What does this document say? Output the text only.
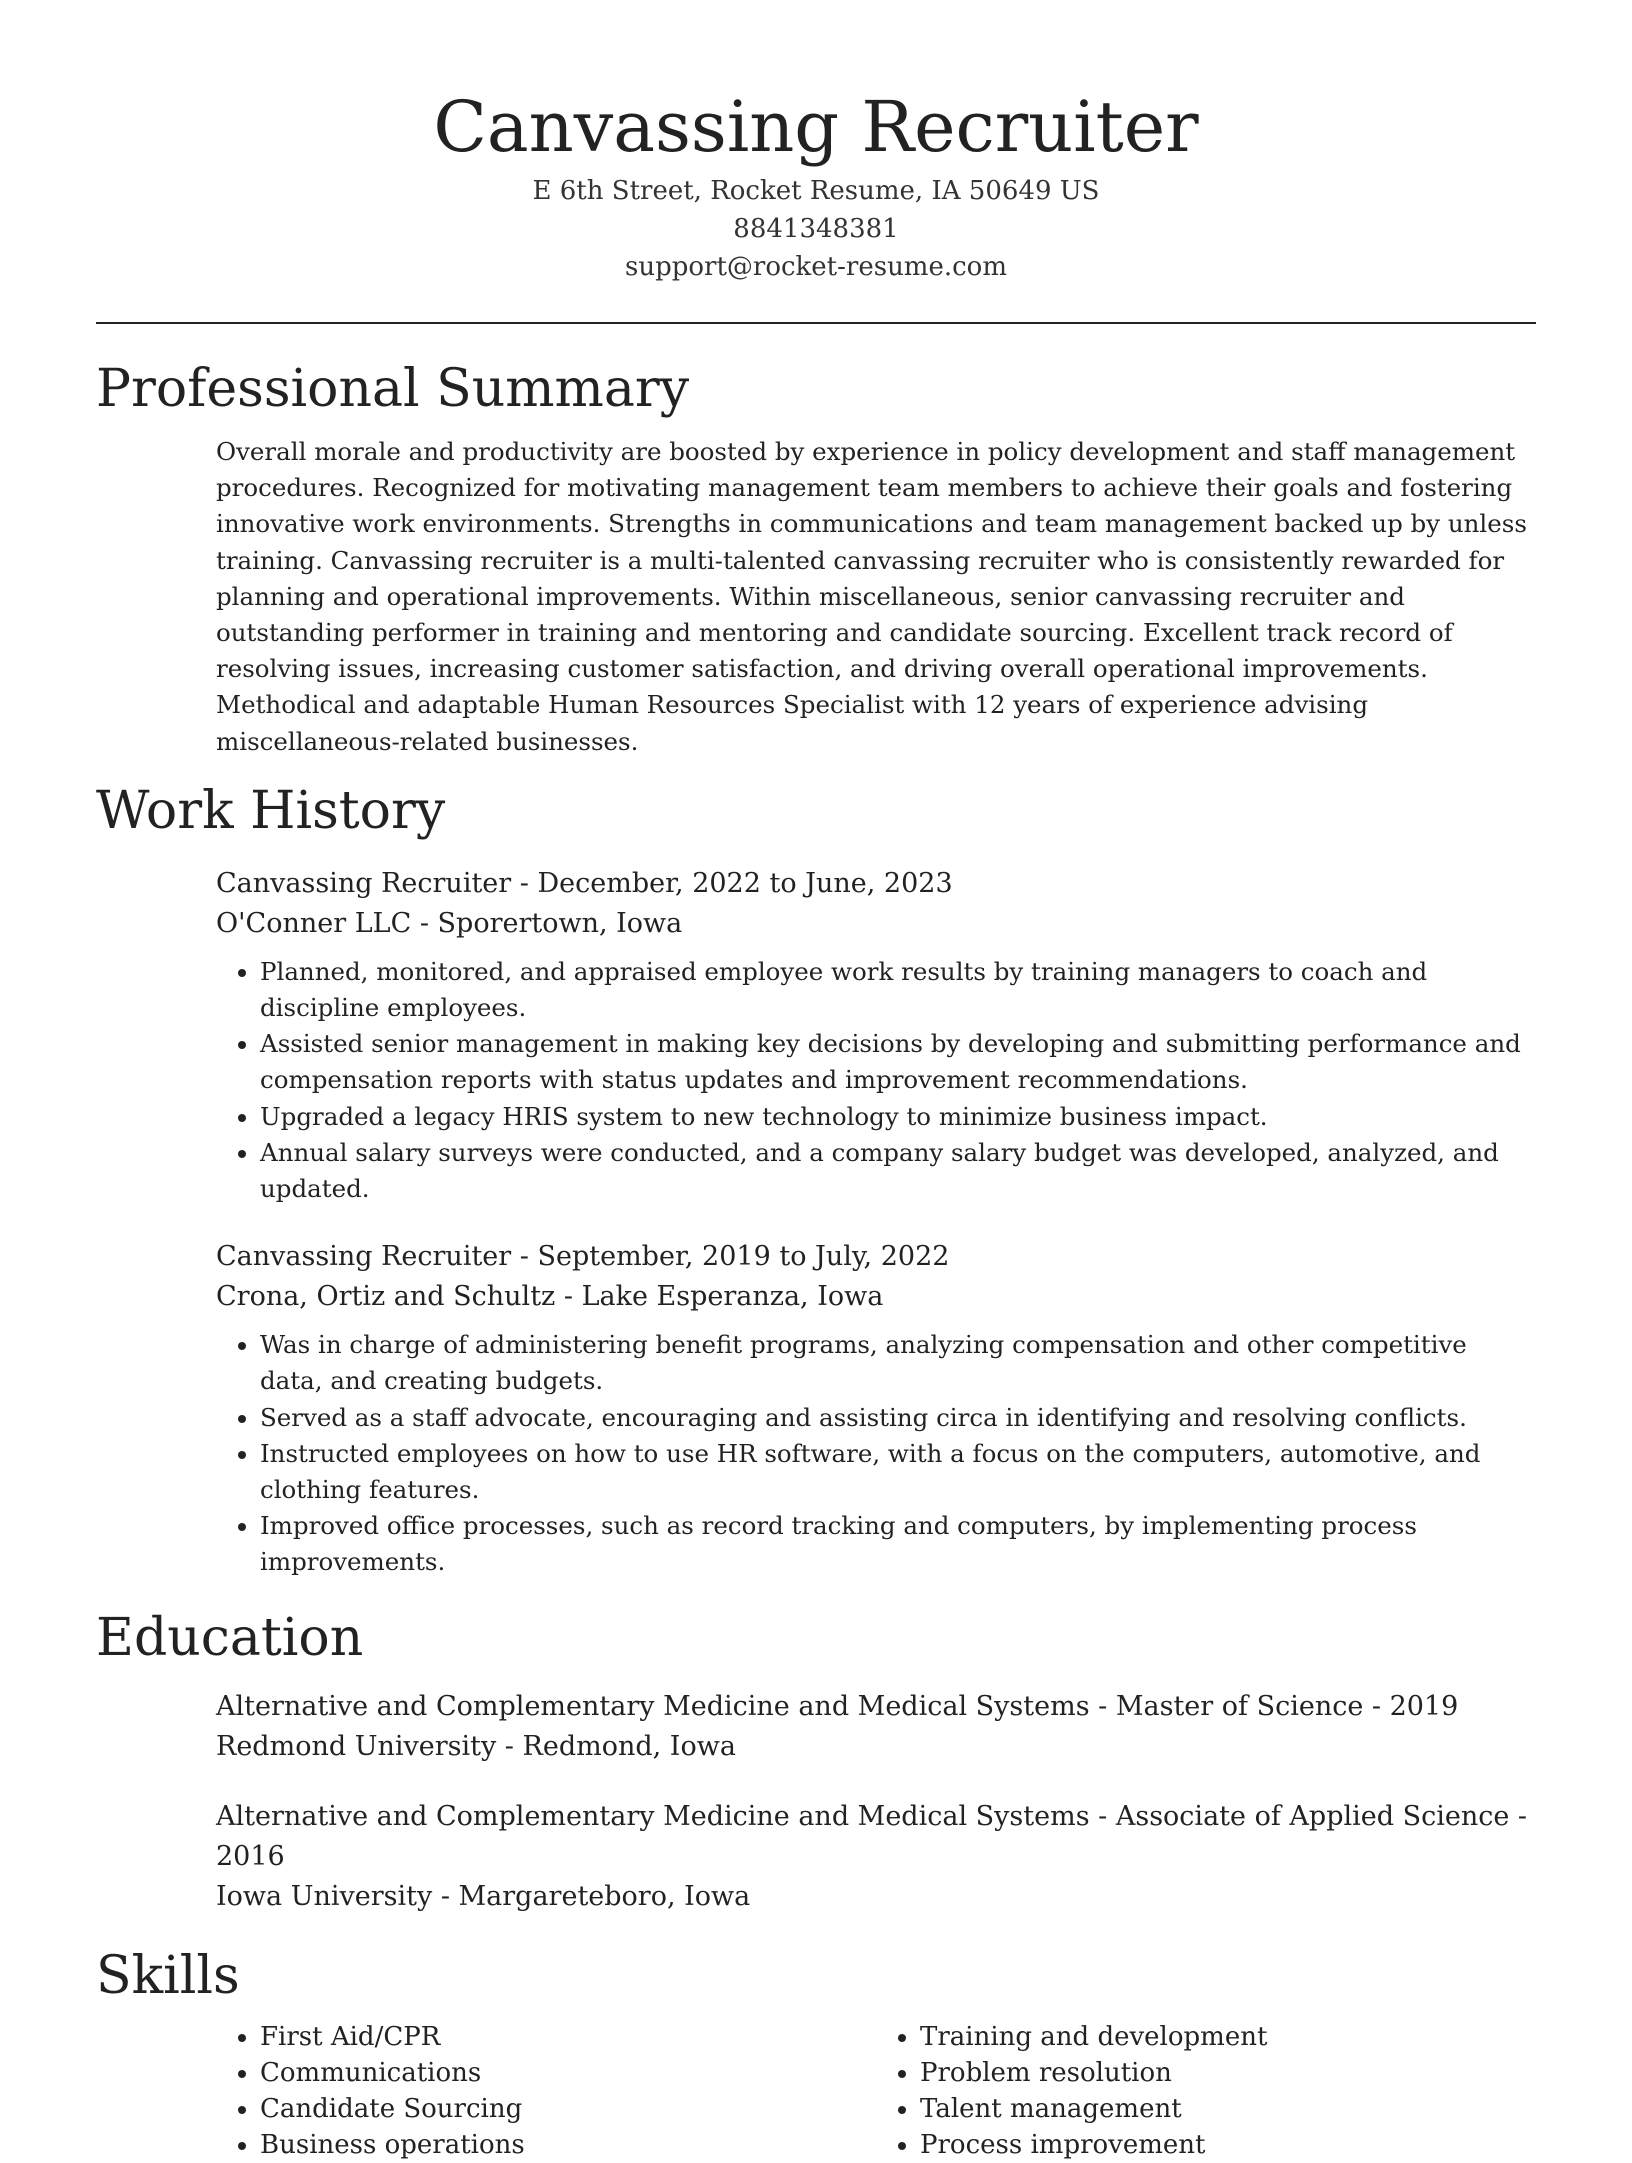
Canvassing Recruiter
E 6th Street, Rocket Resume, IA 50649 US
8841348381
support@rocket-resume.com
Professional Summary

Overall morale and productivity are boosted by experience in policy development and staff management procedures. Recognized for motivating management team members to achieve their goals and fostering innovative work environments. Strengths in communications and team management backed up by unless training. Canvassing recruiter is a multi-talented canvassing recruiter who is consistently rewarded for planning and operational improvements. Within miscellaneous, senior canvassing recruiter and outstanding performer in training and mentoring and candidate sourcing. Excellent track record of resolving issues, increasing customer satisfaction, and driving overall operational improvements. Methodical and adaptable Human Resources Specialist with 12 years of experience advising miscellaneous-related businesses.

Work History
Canvassing Recruiter - December, 2022 to June, 2023
O'Conner LLC - Sporertown, Iowa
• Planned, monitored, and appraised employee work results by training managers to coach and discipline employees.
• Assisted senior management in making key decisions by developing and submitting performance and compensation reports with status updates and improvement recommendations.
• Upgraded a legacy HRIS system to new technology to minimize business impact.
• Annual salary surveys were conducted, and a company salary budget was developed, analyzed, and updated.
Canvassing Recruiter - September, 2019 to July, 2022
Crona, Ortiz and Schultz - Lake Esperanza, Iowa
• Was in charge of administering benefit programs, analyzing compensation and other competitive data, and creating budgets.
• Served as a staff advocate, encouraging and assisting circa in identifying and resolving conflicts.
• Instructed employees on how to use HR software, with a focus on the computers, automotive, and clothing features.
• Improved office processes, such as record tracking and computers, by implementing process improvements.
Education
Alternative and Complementary Medicine and Medical Systems - Master of Science - 2019
Redmond University - Redmond, Iowa
Alternative and Complementary Medicine and Medical Systems - Associate of Applied Science - 2016
Iowa University - Margareteboro, Iowa
Skills
• First Aid/CPR
• Communications
• Candidate Sourcing
• Business operations
• Training and development
• Problem resolution
• Talent management
• Process improvement
